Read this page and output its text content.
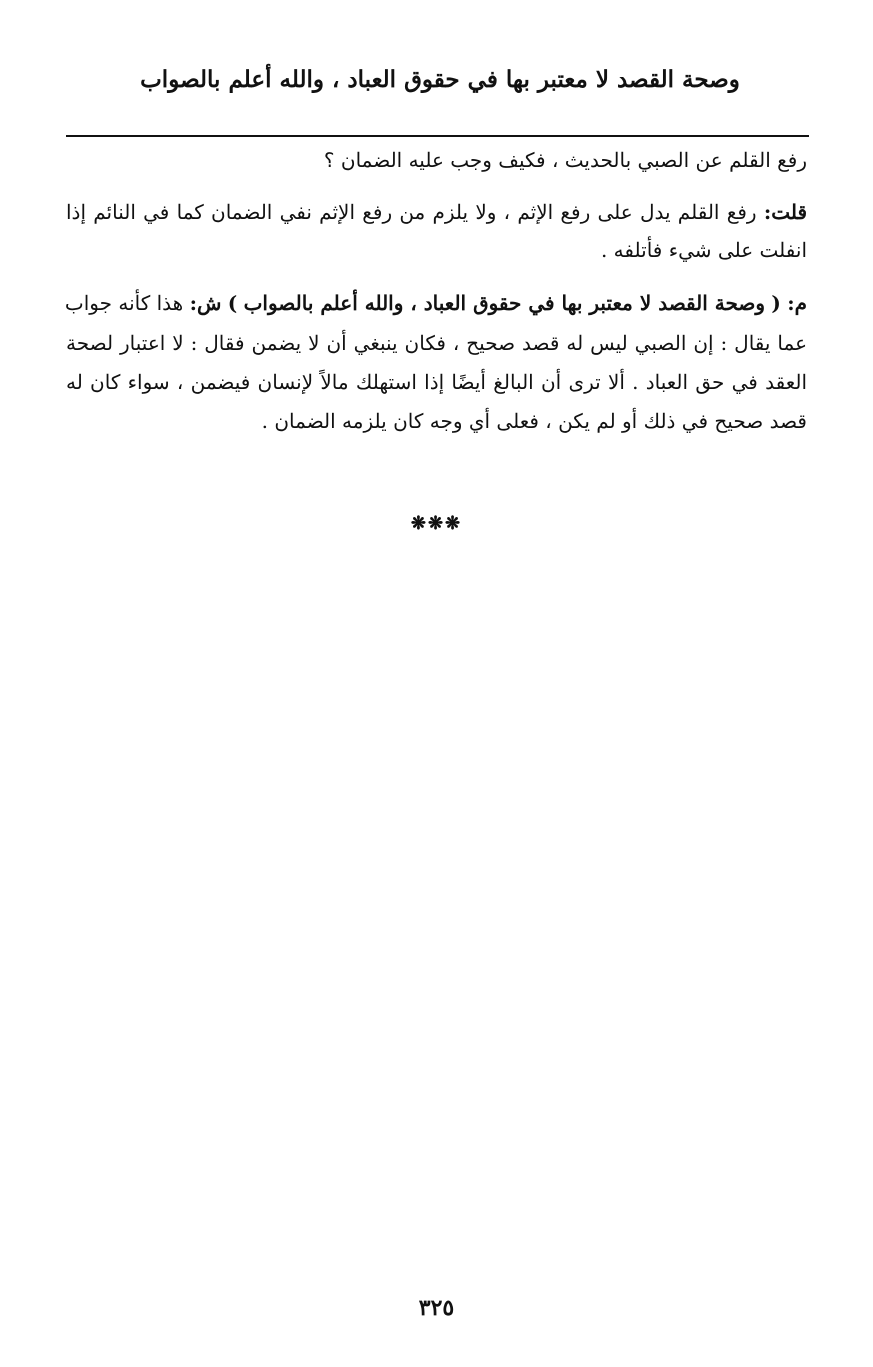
وصحة القصد لا معتبر بها في حقوق العباد ، والله أعلم بالصواب
رفع القلم عن الصبي بالحديث ، فكيف وجب عليه الضمان ؟
قلت: رفع القلم يدل على رفع الإثم ، ولا يلزم من رفع الإثم نفي الضمان كما في النائم إذا
انفلت على شيء فأتلفه .
م: ( وصحة القصد لا معتبر بها في حقوق العباد ، والله أعلم بالصواب ) ش: هذا كأنه جواب
عما يقال : إن الصبي ليس له قصد صحيح ، فكان ينبغي أن لا يضمن فقال : لا اعتبار لصحة
العقد في حق العباد . ألا ترى أن البالغ أيضًا إذا استهلك مالاً لإنسان فيضمن ، سواء كان له
قصد صحيح في ذلك أو لم يكن ، فعلى أي وجه كان يلزمه الضمان .
❋❋❋
٣٢٥
